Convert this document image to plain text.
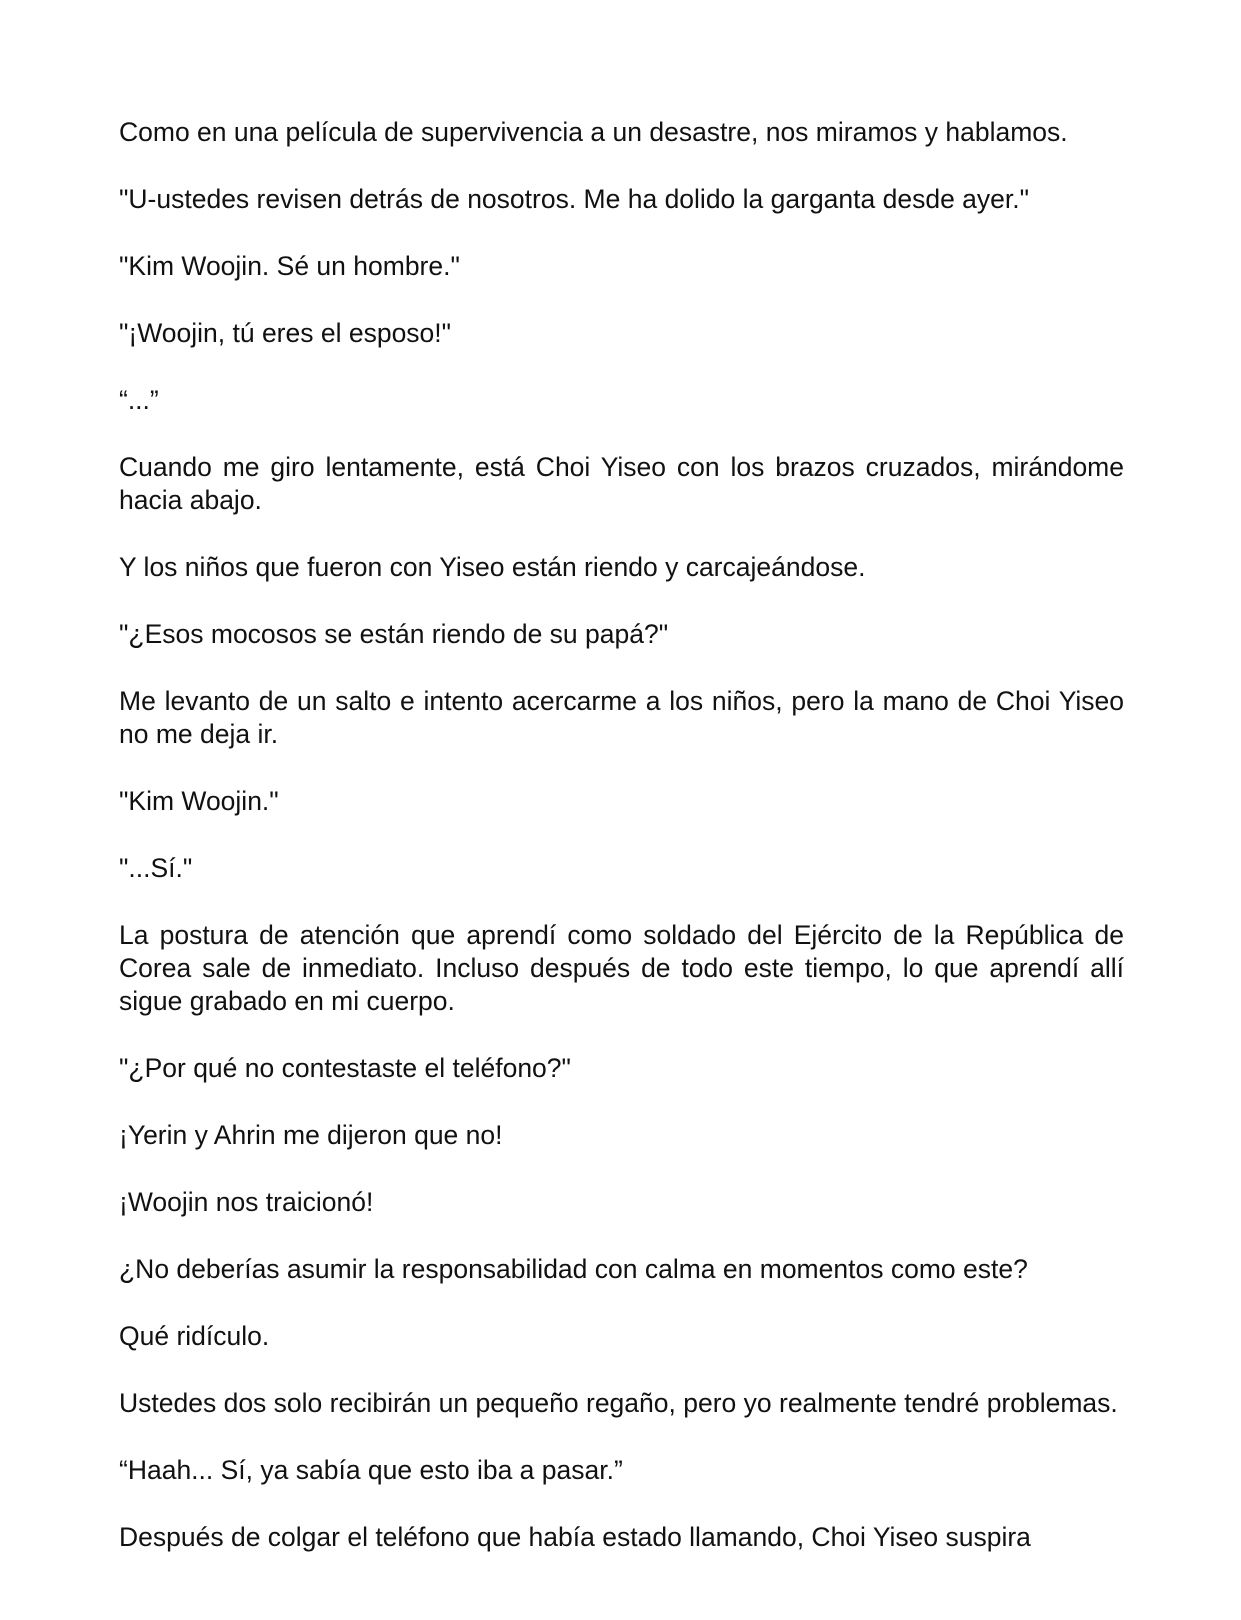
Como en una película de supervivencia a un desastre, nos miramos y hablamos.

"U-ustedes revisen detrás de nosotros. Me ha dolido la garganta desde ayer."

"Kim Woojin. Sé un hombre."

"¡Woojin, tú eres el esposo!"

“...”

Cuando me giro lentamente, está Choi Yiseo con los brazos cruzados, mirándome hacia abajo.

Y los niños que fueron con Yiseo están riendo y carcajeándose.

"¿Esos mocosos se están riendo de su papá?"

Me levanto de un salto e intento acercarme a los niños, pero la mano de Choi Yiseo no me deja ir.

"Kim Woojin."

"...Sí."

La postura de atención que aprendí como soldado del Ejército de la República de Corea sale de inmediato. Incluso después de todo este tiempo, lo que aprendí allí sigue grabado en mi cuerpo.

"¿Por qué no contestaste el teléfono?"

¡Yerin y Ahrin me dijeron que no!

¡Woojin nos traicionó!

¿No deberías asumir la responsabilidad con calma en momentos como este?

Qué ridículo.

Ustedes dos solo recibirán un pequeño regaño, pero yo realmente tendré problemas.

“Haah... Sí, ya sabía que esto iba a pasar.”

Después de colgar el teléfono que había estado llamando, Choi Yiseo suspira
